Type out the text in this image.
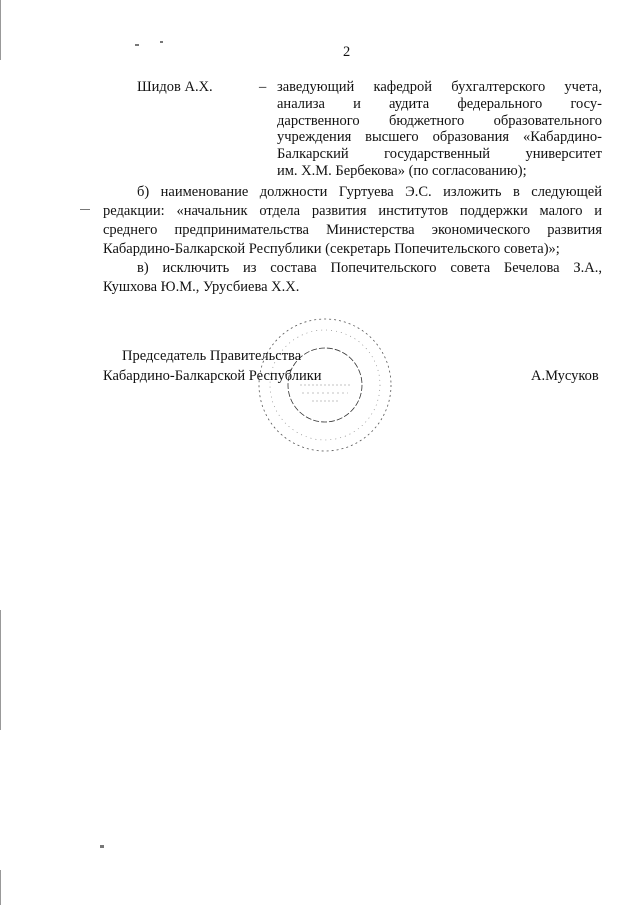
2
Шидов А.Х.	– заведующий кафедрой бухгалтерского учета,
анализа и аудита федерального госу-
дарственного бюджетного образовательного
учреждения высшего образования «Кабардино-
Балкарский государственный университет
им. Х.М. Бербекова» (по согласованию);
б) наименование должности Гуртуева Э.С. изложить в следующей
редакции: «начальник отдела развития институтов поддержки малого и
среднего предпринимательства Министерства экономического развития
Кабардино-Балкарской Республики (секретарь Попечительского совета)»;
в) исключить из состава Попечительского совета Бечелова З.А.,
Кушхова Ю.М., Урусбиева Х.Х.
Председатель Правительства
Кабардино-Балкарской Республики	А.Мусуков
